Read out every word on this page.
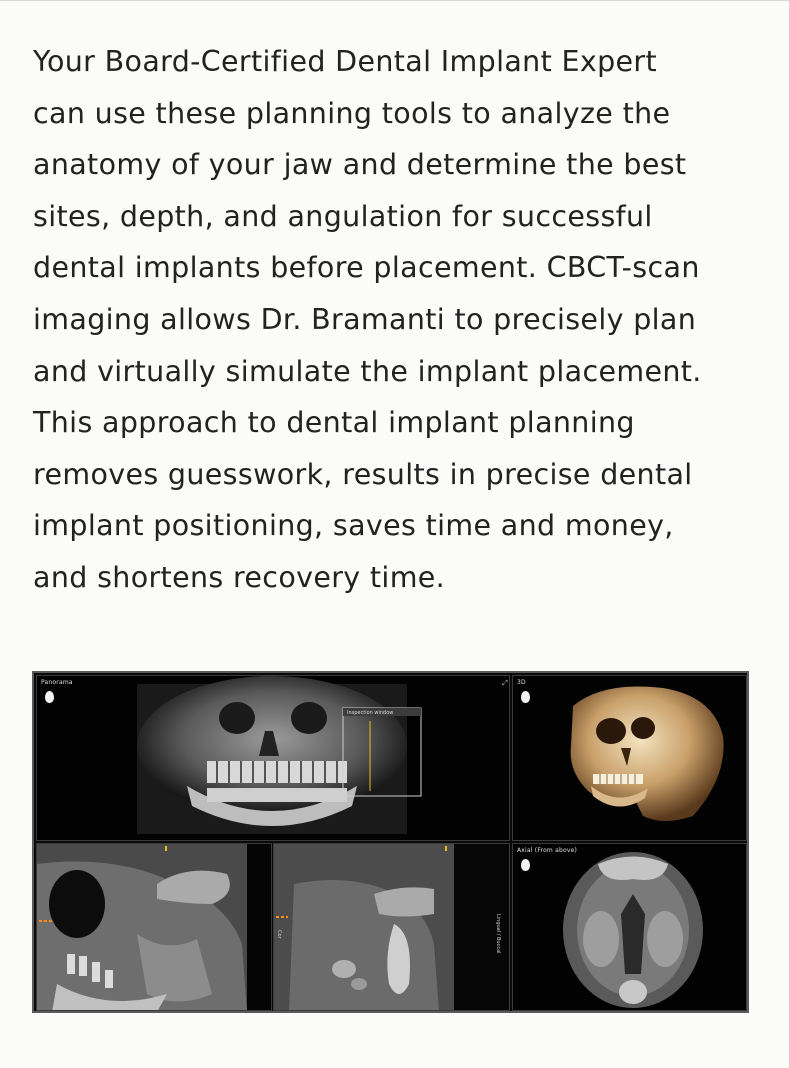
Your Board-Certified Dental Implant Expert
can use these planning tools to analyze the
anatomy of your jaw and determine the best
sites, depth, and angulation for successful
dental implants before placement. CBCT-scan
imaging allows Dr. Bramanti to precisely plan
and virtually simulate the implant placement.
This approach to dental implant planning
removes guesswork, results in precise dental
implant positioning, saves time and money,
and shortens recovery time.
Panorama	⤢
Inspection window
3D
Cor	Lingual / Buccal
Axial (From above)
